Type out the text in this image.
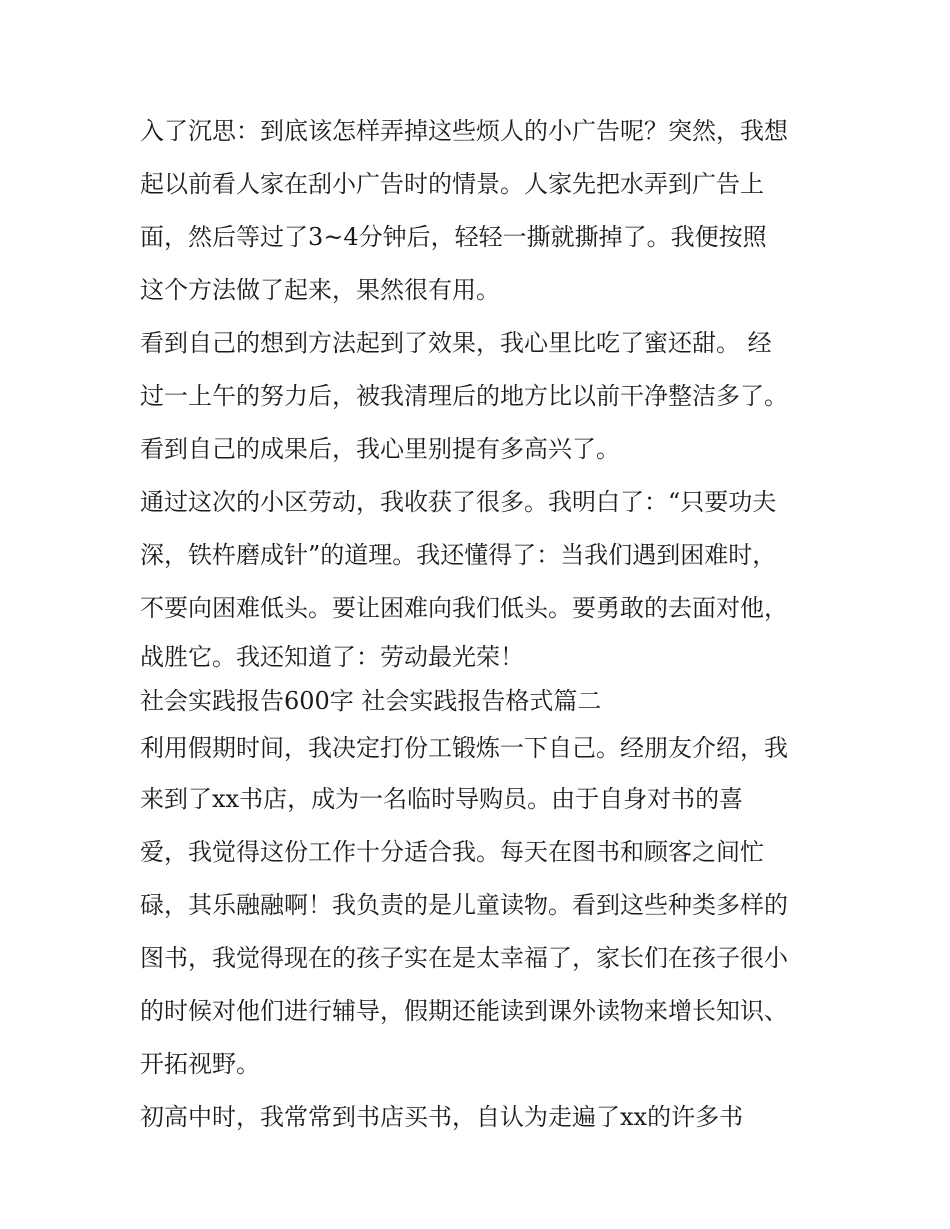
入了沉思：到底该怎样弄掉这些烦人的小广告呢？突然，我想
起以前看人家在刮小广告时的情景。人家先把水弄到广告上
面，然后等过了3~4分钟后，轻轻一撕就撕掉了。我便按照
这个方法做了起来，果然很有用。
看到自己的想到方法起到了效果，我心里比吃了蜜还甜。 经
过一上午的努力后，被我清理后的地方比以前干净整洁多了。
看到自己的成果后，我心里别提有多高兴了。
通过这次的小区劳动，我收获了很多。我明白了：“只要功夫
深，铁杵磨成针”的道理。我还懂得了：当我们遇到困难时，
不要向困难低头。要让困难向我们低头。要勇敢的去面对他，
战胜它。我还知道了：劳动最光荣！
社会实践报告600字 社会实践报告格式篇二
利用假期时间，我决定打份工锻炼一下自己。经朋友介绍，我
来到了xx书店，成为一名临时导购员。由于自身对书的喜
爱，我觉得这份工作十分适合我。每天在图书和顾客之间忙
碌，其乐融融啊！我负责的是儿童读物。看到这些种类多样的
图书，我觉得现在的孩子实在是太幸福了，家长们在孩子很小
的时候对他们进行辅导，假期还能读到课外读物来增长知识、
开拓视野。
初高中时，我常常到书店买书，自认为走遍了xx的许多书
